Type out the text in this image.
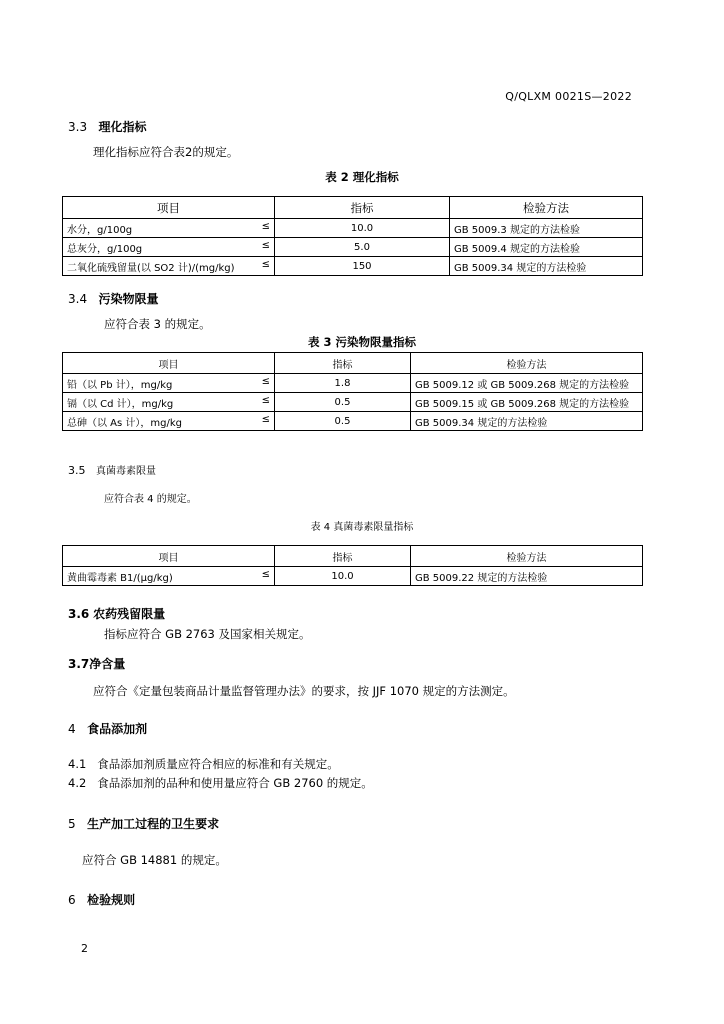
Q/QLXM 0021S—2022
3.3 理化指标
理化指标应符合表2的规定。
表 2 理化指标
项目	指标	检验方法
水分，g/100g ≤	10.0	GB 5009.3 规定的方法检验
总灰分，g/100g ≤	5.0	GB 5009.4 规定的方法检验
二氧化硫残留量(以 SO2 计)/(mg/kg) ≤	150	GB 5009.34 规定的方法检验
3.4 污染物限量
应符合表 3 的规定。
表 3 污染物限量指标
项目	指标	检验方法
铅（以 Pb 计），mg/kg ≤	1.8	GB 5009.12 或 GB 5009.268 规定的方法检验
镉（以 Cd 计），mg/kg ≤	0.5	GB 5009.15 或 GB 5009.268 规定的方法检验
总砷（以 As 计），mg/kg ≤	0.5	GB 5009.34 规定的方法检验
3.5 真菌毒素限量
应符合表 4 的规定。
表 4 真菌毒素限量指标
项目	指标	检验方法
黄曲霉毒素 B1/(μg/kg) ≤	10.0	GB 5009.22 规定的方法检验
3.6 农药残留限量
指标应符合 GB 2763 及国家相关规定。
3.7净含量
应符合《定量包装商品计量监督管理办法》的要求，按 JJF 1070 规定的方法测定。
4 食品添加剂
4.1 食品添加剂质量应符合相应的标准和有关规定。
4.2 食品添加剂的品种和使用量应符合 GB 2760 的规定。
5 生产加工过程的卫生要求
应符合 GB 14881 的规定。
6 检验规则
2
